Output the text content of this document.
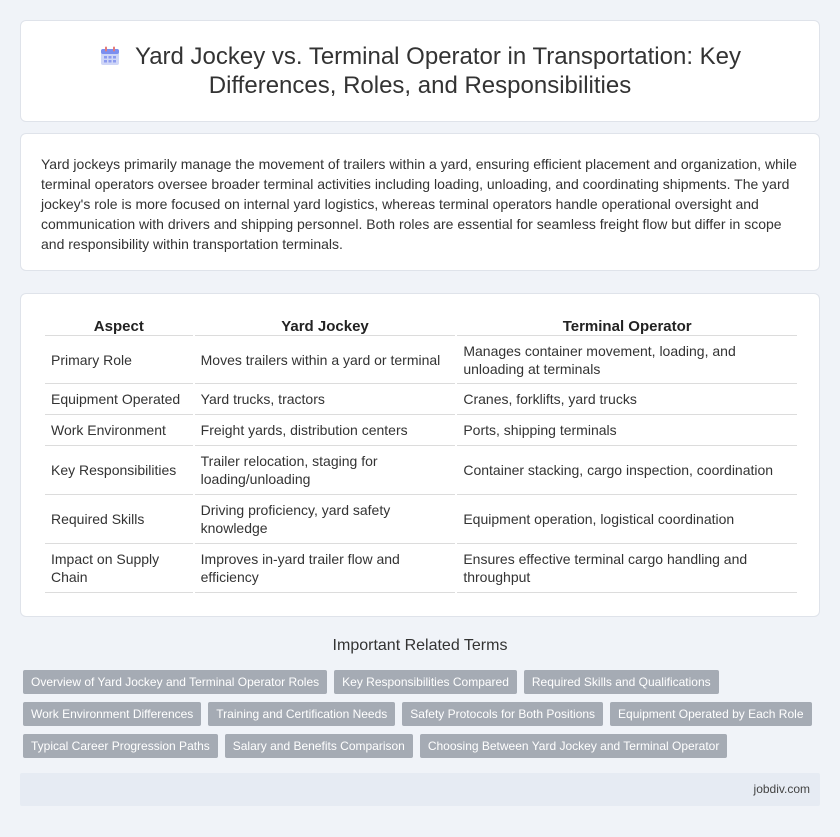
Yard Jockey vs. Terminal Operator in Transportation: Key Differences, Roles, and Responsibilities

Yard jockeys primarily manage the movement of trailers within a yard, ensuring efficient placement and organization, while terminal operators oversee broader terminal activities including loading, unloading, and coordinating shipments. The yard jockey's role is more focused on internal yard logistics, whereas terminal operators handle operational oversight and communication with drivers and shipping personnel. Both roles are essential for seamless freight flow but differ in scope and responsibility within transportation terminals.

Aspect	Yard Jockey	Terminal Operator
Primary Role	Moves trailers within a yard or terminal	Manages container movement, loading, and unloading at terminals
Equipment Operated	Yard trucks, tractors	Cranes, forklifts, yard trucks
Work Environment	Freight yards, distribution centers	Ports, shipping terminals
Key Responsibilities	Trailer relocation, staging for loading/unloading	Container stacking, cargo inspection, coordination
Required Skills	Driving proficiency, yard safety knowledge	Equipment operation, logistical coordination
Impact on Supply Chain	Improves in-yard trailer flow and efficiency	Ensures effective terminal cargo handling and throughput
Important Related Terms
Overview of Yard Jockey and Terminal Operator Roles	Key Responsibilities Compared	Required Skills and Qualifications
Work Environment Differences	Training and Certification Needs	Safety Protocols for Both Positions	Equipment Operated by Each Role
Typical Career Progression Paths	Salary and Benefits Comparison	Choosing Between Yard Jockey and Terminal Operator
jobdiv.com
